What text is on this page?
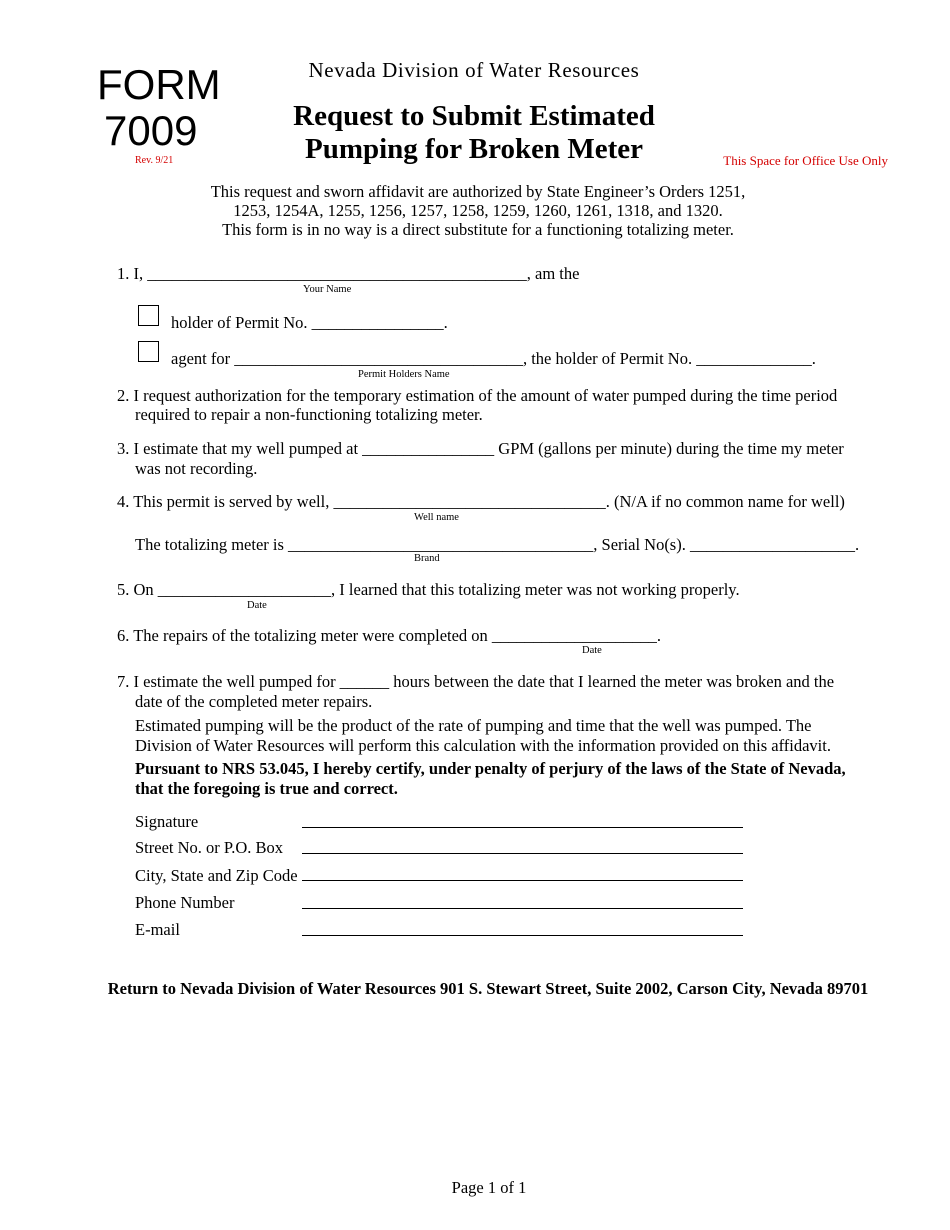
FORM
7009
Rev. 9/21
Nevada Division of Water Resources
Request to Submit Estimated
Pumping for Broken Meter	This Space for Office Use Only
This request and sworn affidavit are authorized by State Engineer’s Orders 1251,
1253, 1254A, 1255, 1256, 1257, 1258, 1259, 1260, 1261, 1318, and 1320.
This form is in no way is a direct substitute for a functioning totalizing meter.
1. I, ______________________________________________, am the
Your Name
holder of Permit No. ________________.
agent for ___________________________________, the holder of Permit No. ______________.
Permit Holders Name
2. I request authorization for the temporary estimation of the amount of water pumped during the time period
required to repair a non-functioning totalizing meter.
3. I estimate that my well pumped at ________________ GPM (gallons per minute) during the time my meter
was not recording.
4. This permit is served by well, _________________________________. (N/A if no common name for well)
Well name
The totalizing meter is _____________________________________, Serial No(s). ____________________.
Brand
5. On _____________________, I learned that this totalizing meter was not working properly.
Date
6. The repairs of the totalizing meter were completed on ____________________.
Date
7. I estimate the well pumped for ______ hours between the date that I learned the meter was broken and the
date of the completed meter repairs.
Estimated pumping will be the product of the rate of pumping and time that the well was pumped. The
Division of Water Resources will perform this calculation with the information provided on this affidavit.
Pursuant to NRS 53.045, I hereby certify, under penalty of perjury of the laws of the State of Nevada,
that the foregoing is true and correct.
Signature
Street No. or P.O. Box
City, State and Zip Code
Phone Number
E-mail
Return to Nevada Division of Water Resources 901 S. Stewart Street, Suite 2002, Carson City, Nevada 89701
Page 1 of 1
